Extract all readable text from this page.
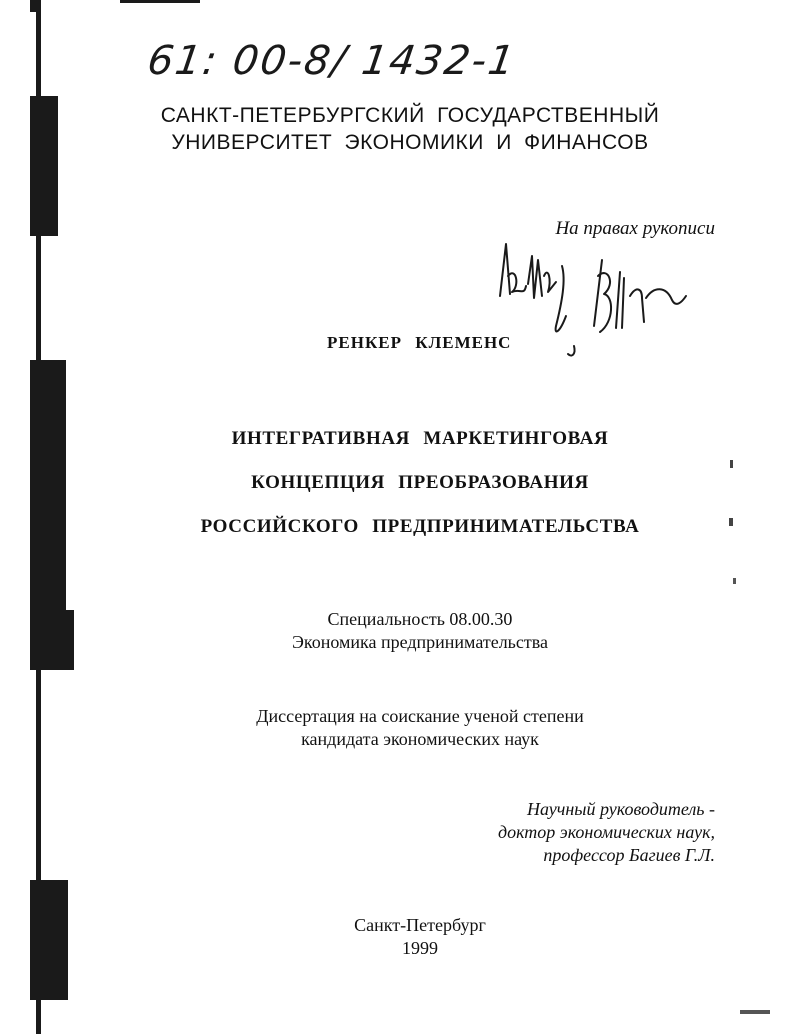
61: 00-8/ 1432-1
САНКТ-ПЕТЕРБУРГСКИЙ ГОСУДАРСТВЕННЫЙ
УНИВЕРСИТЕТ ЭКОНОМИКИ И ФИНАНСОВ
На правах рукописи
РЕНКЕР КЛЕМЕНС
ИНТЕГРАТИВНАЯ МАРКЕТИНГОВАЯ
КОНЦЕПЦИЯ ПРЕОБРАЗОВАНИЯ
РОССИЙСКОГО ПРЕДПРИНИМАТЕЛЬСТВА
Специальность 08.00.30
Экономика предпринимательства
Диссертация на соискание ученой степени
кандидата экономических наук
Научный руководитель -
доктор экономических наук,
профессор Багиев Г.Л.
Санкт-Петербург
1999
